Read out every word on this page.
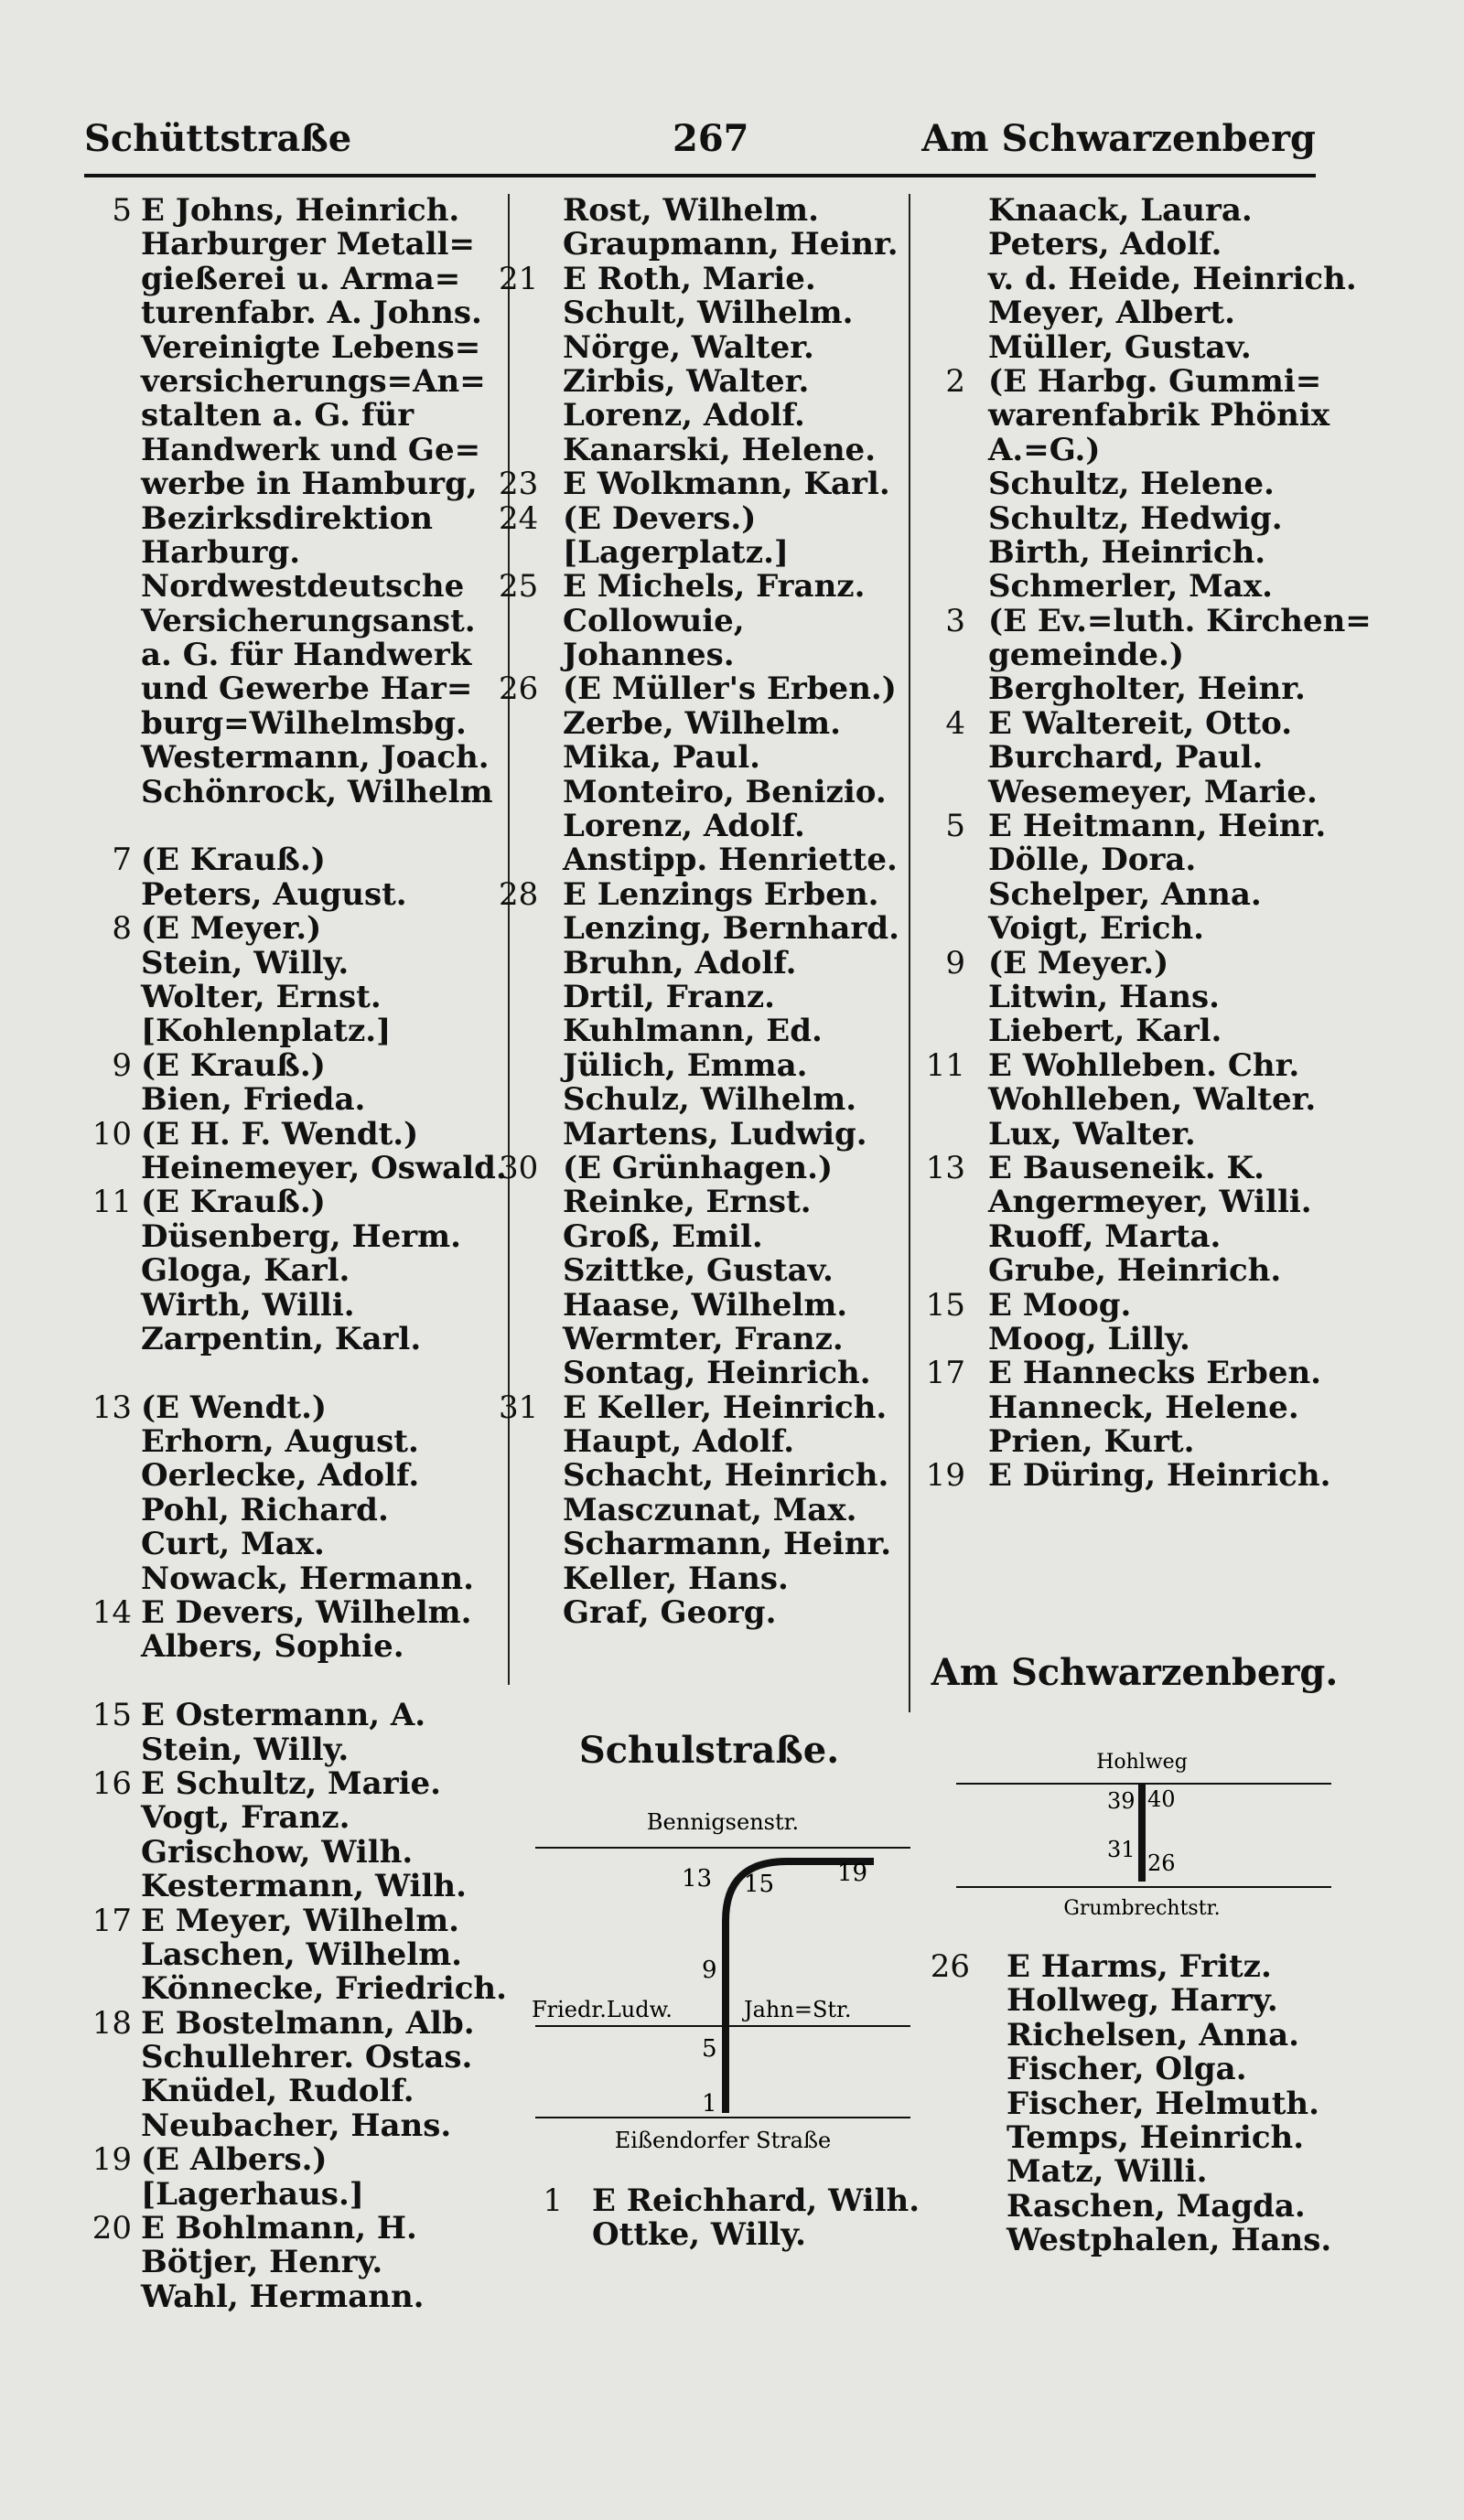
Schüttstraße	267	Am Schwarzenberg
5 E Johns, Heinrich.
Harburger Metall=
gießerei u. Arma=
turenfabr. A. Johns.
Vereinigte Lebens=
versicherungs=An=
stalten a. G. für
Handwerk und Ge=
werbe in Hamburg,
Bezirksdirektion
Harburg.
Nordwestdeutsche
Versicherungsanst.
a. G. für Handwerk
und Gewerbe Har=
burg=Wilhelmsbg.
Westermann, Joach.
Schönrock, Wilhelm
7 (E Krauß.)
Peters, August.
8 (E Meyer.)
Stein, Willy.
Wolter, Ernst.
[Kohlenplatz.]
9 (E Krauß.)
Bien, Frieda.
10 (E H. F. Wendt.)
Heinemeyer, Oswald.
11 (E Krauß.)
Düsenberg, Herm.
Gloga, Karl.
Wirth, Willi.
Zarpentin, Karl.
13 (E Wendt.)
Erhorn, August.
Oerlecke, Adolf.
Pohl, Richard.
Curt, Max.
Nowack, Hermann.
14 E Devers, Wilhelm.
Albers, Sophie.
15 E Ostermann, A.
Stein, Willy.
16 E Schultz, Marie.
Vogt, Franz.
Grischow, Wilh.
Kestermann, Wilh.
17 E Meyer, Wilhelm.
Laschen, Wilhelm.
Könnecke, Friedrich.
18 E Bostelmann, Alb.
Schullehrer. Ostas.
Knüdel, Rudolf.
Neubacher, Hans.
19 (E Albers.)
[Lagerhaus.]
20 E Bohlmann, H.
Bötjer, Henry.
Wahl, Hermann.
Rost, Wilhelm.
Graupmann, Heinr.
21 E Roth, Marie.
Schult, Wilhelm.
Nörge, Walter.
Zirbis, Walter.
Lorenz, Adolf.
Kanarski, Helene.
23 E Wolkmann, Karl.
24 (E Devers.)
[Lagerplatz.]
25 E Michels, Franz.
Collowuie,
Johannes.
26 (E Müller's Erben.)
Zerbe, Wilhelm.
Mika, Paul.
Monteiro, Benizio.
Lorenz, Adolf.
Anstipp. Henriette.
28 E Lenzings Erben.
Lenzing, Bernhard.
Bruhn, Adolf.
Drtil, Franz.
Kuhlmann, Ed.
Jülich, Emma.
Schulz, Wilhelm.
Martens, Ludwig.
30 (E Grünhagen.)
Reinke, Ernst.
Groß, Emil.
Szittke, Gustav.
Haase, Wilhelm.
Wermter, Franz.
Sontag, Heinrich.
31 E Keller, Heinrich.
Haupt, Adolf.
Schacht, Heinrich.
Masczunat, Max.
Scharmann, Heinr.
Keller, Hans.
Graf, Georg.
Knaack, Laura.
Peters, Adolf.
v. d. Heide, Heinrich.
Meyer, Albert.
Müller, Gustav.
2 (E Harbg. Gummi=
warenfabrik Phönix
A.=G.)
Schultz, Helene.
Schultz, Hedwig.
Birth, Heinrich.
Schmerler, Max.
3 (E Ev.=luth. Kirchen=
gemeinde.)
Bergholter, Heinr.
4 E Waltereit, Otto.
Burchard, Paul.
Wesemeyer, Marie.
5 E Heitmann, Heinr.
Dölle, Dora.
Schelper, Anna.
Voigt, Erich.
9 (E Meyer.)
Litwin, Hans.
Liebert, Karl.
11 E Wohlleben. Chr.
Wohlleben, Walter.
Lux, Walter.
13 E Bauseneik. K.
Angermeyer, Willi.
Ruoff, Marta.
Grube, Heinrich.
15 E Moog.
Moog, Lilly.
17 E Hannecks Erben.
Hanneck, Helene.
Prien, Kurt.
19 E Düring, Heinrich.
Schulstraße.
Bennigsenstr.
Friedr.Ludw.	Jahn=Str.
Eißendorfer Straße
13 15	19
9
5
1
1 E Reichhard, Wilh.
Ottke, Willy.
Am Schwarzenberg.
Hohlweg
Grumbrechtstr.
39 40
31
26
26 E Harms, Fritz.
Hollweg, Harry.
Richelsen, Anna.
Fischer, Olga.
Fischer, Helmuth.
Temps, Heinrich.
Matz, Willi.
Raschen, Magda.
Westphalen, Hans.
